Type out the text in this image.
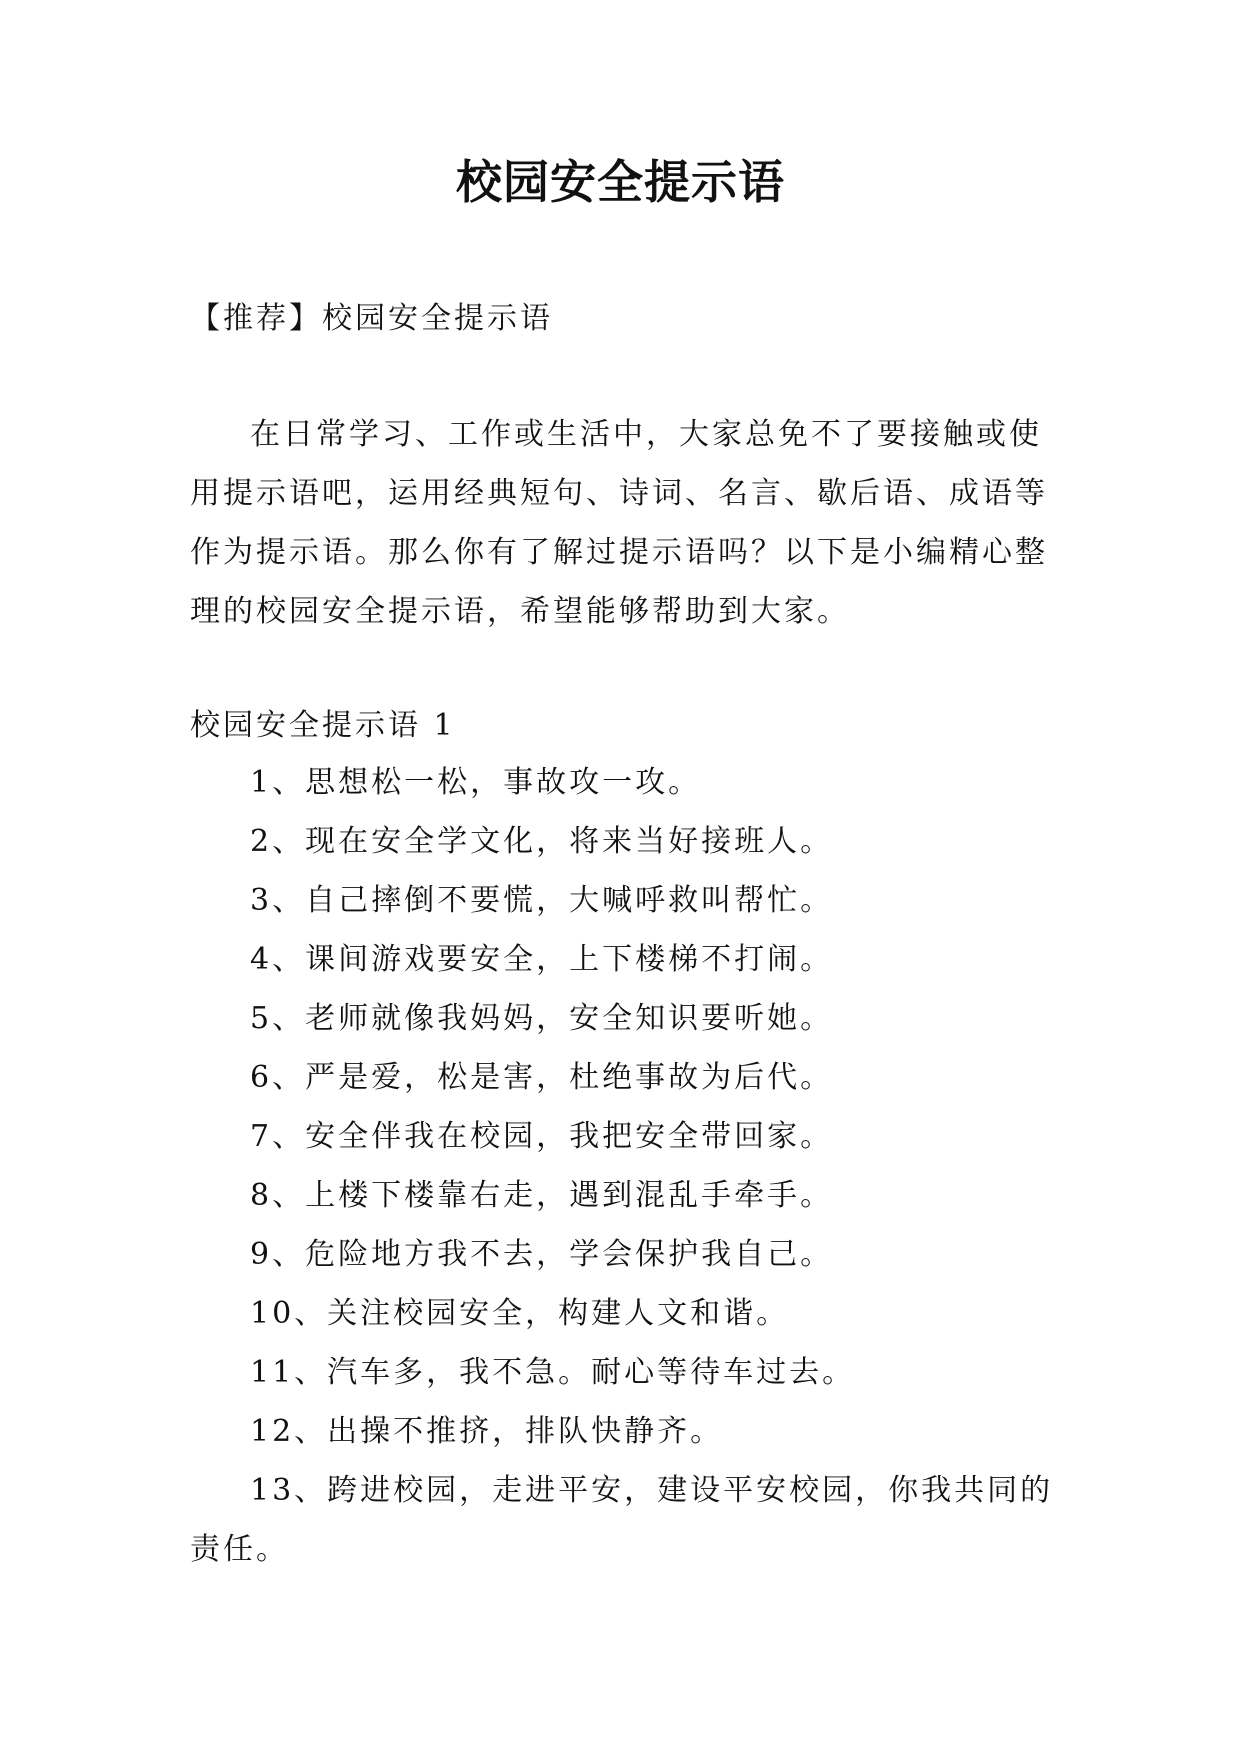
校园安全提示语

【推荐】校园安全提示语

在日常学习、工作或生活中，大家总免不了要接触或使用提示语吧，运用经典短句、诗词、名言、歇后语、成语等作为提示语。那么你有了解过提示语吗？以下是小编精心整理的校园安全提示语，希望能够帮助到大家。

校园安全提示语 1

1、思想松一松，事故攻一攻。
2、现在安全学文化，将来当好接班人。
3、自己摔倒不要慌，大喊呼救叫帮忙。
4、课间游戏要安全，上下楼梯不打闹。
5、老师就像我妈妈，安全知识要听她。
6、严是爱，松是害，杜绝事故为后代。
7、安全伴我在校园，我把安全带回家。
8、上楼下楼靠右走，遇到混乱手牵手。
9、危险地方我不去，学会保护我自己。
10、关注校园安全，构建人文和谐。
11、汽车多，我不急。耐心等待车过去。
12、出操不推挤，排队快静齐。
13、跨进校园，走进平安，建设平安校园，你我共同的责任。
